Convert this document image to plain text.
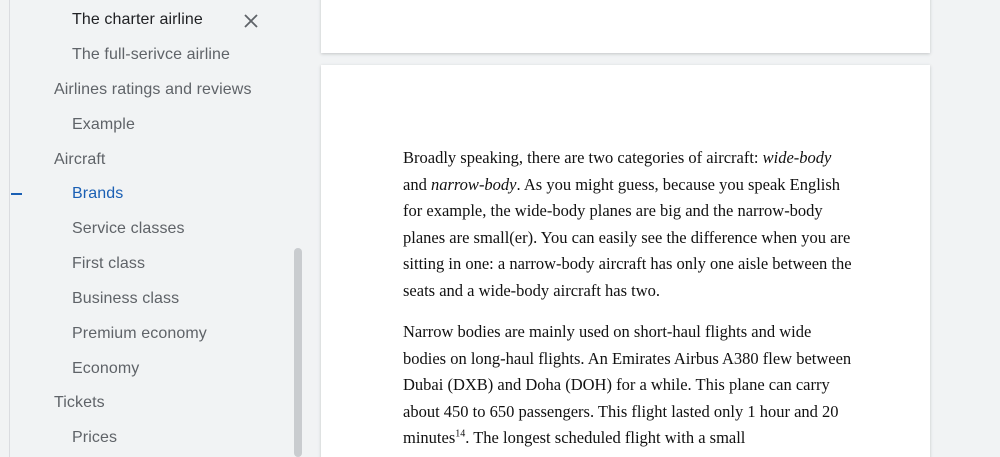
The charter airline
The full-serivce airline
Airlines ratings and reviews
Example
Aircraft
Brands
Service classes
First class
Business class
Premium economy
Economy
Tickets
Prices

Broadly speaking, there are two categories of aircraft: wide-body and narrow-body. As you might guess, because you speak English for example, the wide-body planes are big and the narrow-body planes are small(er). You can easily see the difference when you are sitting in one: a narrow-body aircraft has only one aisle between the seats and a wide-body aircraft has two.

Narrow bodies are mainly used on short-haul flights and wide bodies on long-haul flights. An Emirates Airbus A380 flew between Dubai (DXB) and Doha (DOH) for a while. This plane can carry about 450 to 650 passengers. This flight lasted only 1 hour and 20 minutes$^{14}$. The longest scheduled flight with a small
